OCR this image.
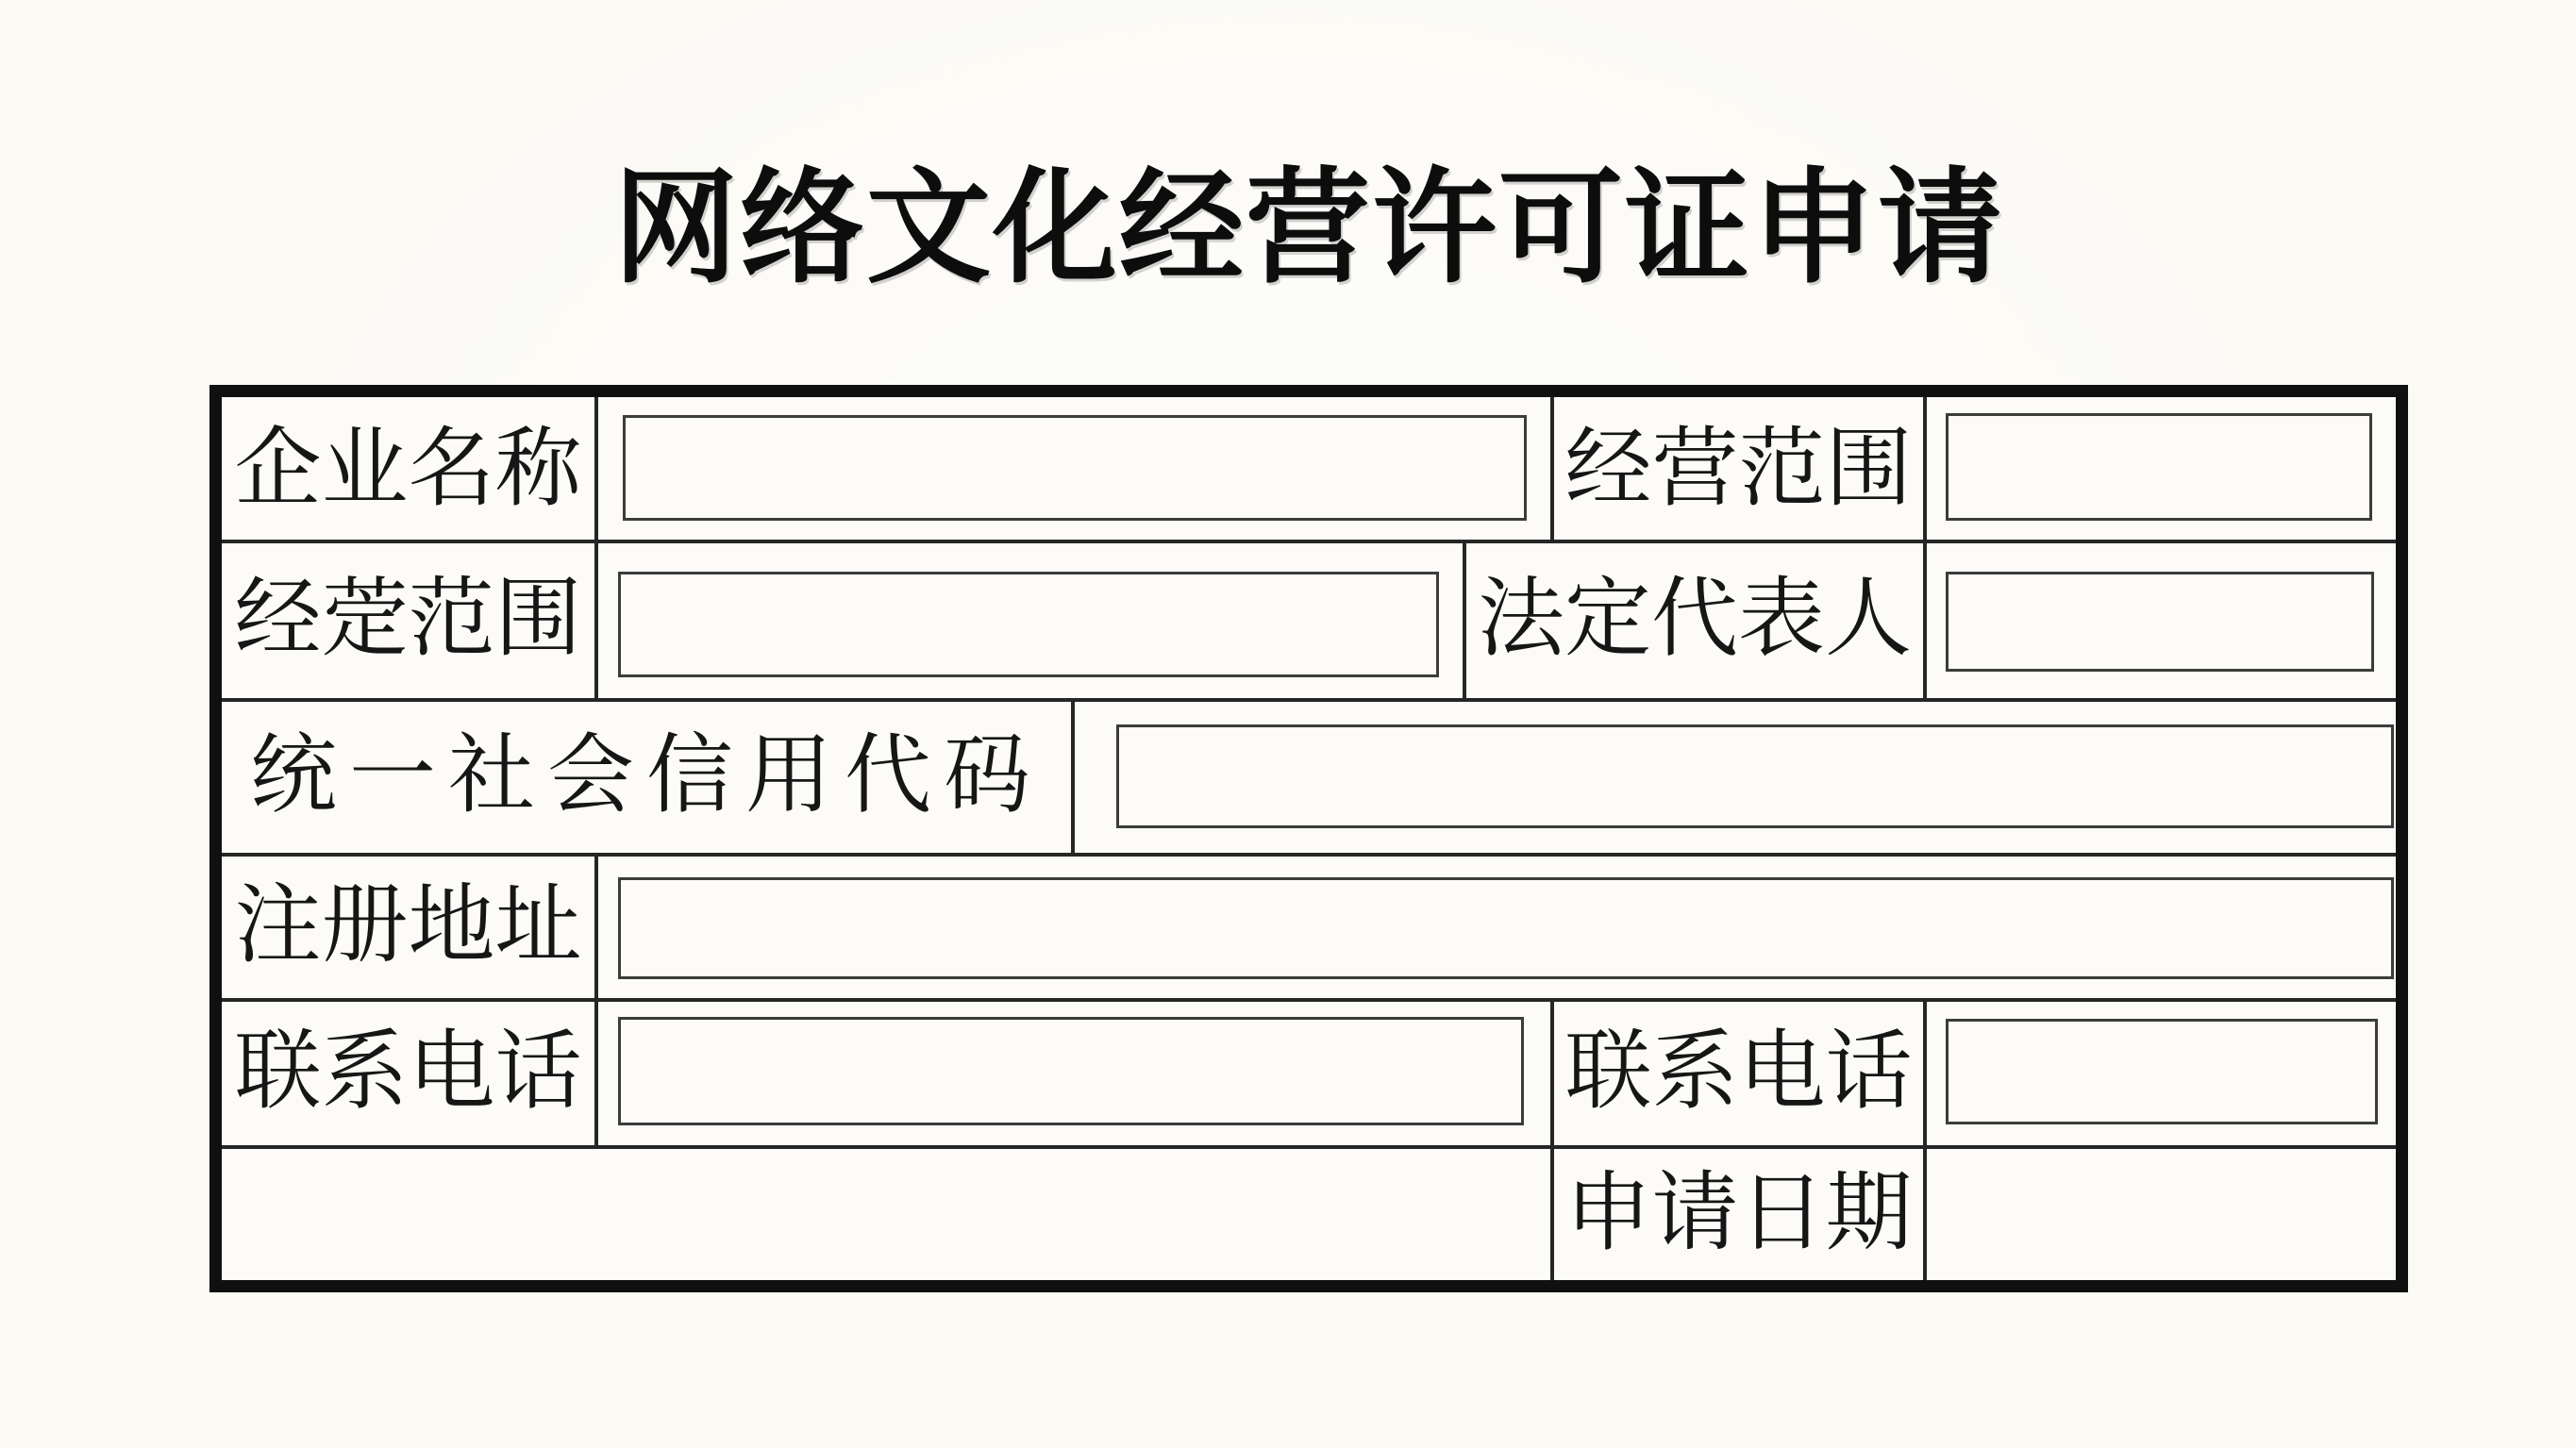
网络文化经营许可证申请
企业名称	经营范围
经萣范围	法定代表人
统一社会信用代码
注册地址
联系电话	联系电话
申请日期
